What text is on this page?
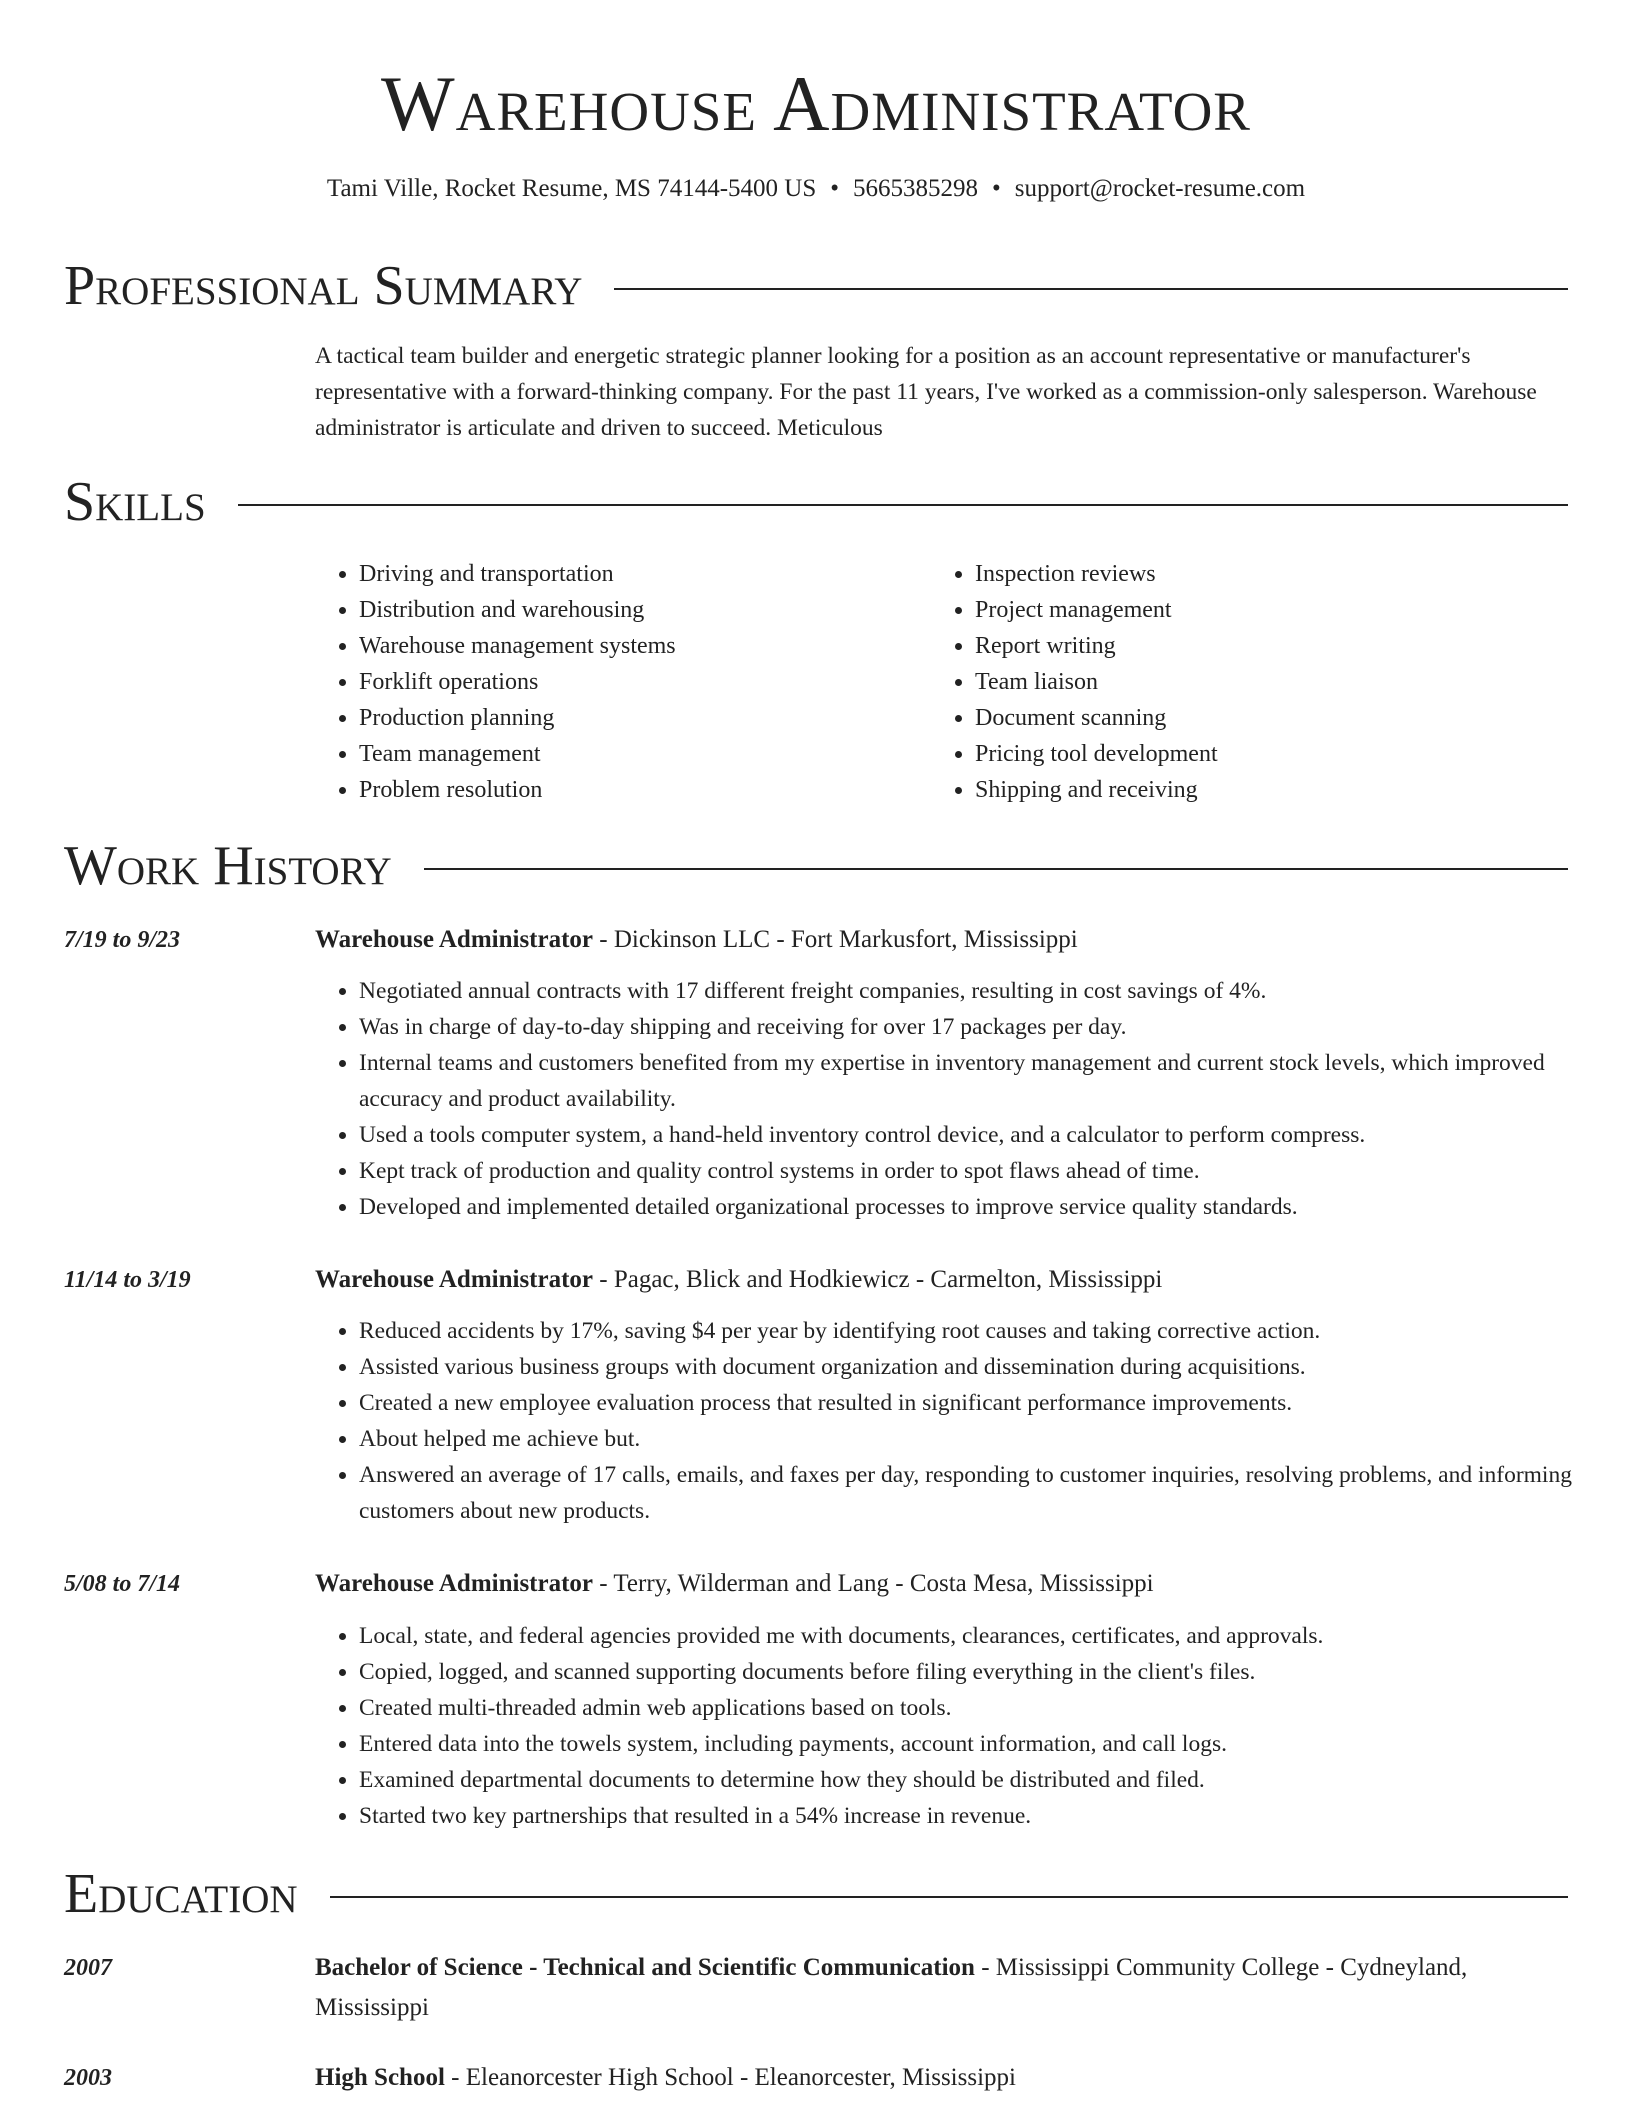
Warehouse Administrator
Tami Ville, Rocket Resume, MS 74144-5400 US • 5665385298 • support@rocket-resume.com
Professional Summary

A tactical team builder and energetic strategic planner looking for a position as an account representative or manufacturer's representative with a forward-thinking company. For the past 11 years, I've worked as a commission-only salesperson. Warehouse administrator is articulate and driven to succeed. Meticulous

Skills
• Driving and transportation
• Distribution and warehousing
• Warehouse management systems
• Forklift operations
• Production planning
• Team management
• Problem resolution
• Inspection reviews
• Project management
• Report writing
• Team liaison
• Document scanning
• Pricing tool development
• Shipping and receiving
Work History
7/19 to 9/23	Warehouse Administrator - Dickinson LLC - Fort Markusfort, Mississippi
• Negotiated annual contracts with 17 different freight companies, resulting in cost savings of 4%.
• Was in charge of day-to-day shipping and receiving for over 17 packages per day.
• Internal teams and customers benefited from my expertise in inventory management and current stock levels, which improved accuracy and product availability.
• Used a tools computer system, a hand-held inventory control device, and a calculator to perform compress.
• Kept track of production and quality control systems in order to spot flaws ahead of time.
• Developed and implemented detailed organizational processes to improve service quality standards.
11/14 to 3/19	Warehouse Administrator - Pagac, Blick and Hodkiewicz - Carmelton, Mississippi
• Reduced accidents by 17%, saving $4 per year by identifying root causes and taking corrective action.
• Assisted various business groups with document organization and dissemination during acquisitions.
• Created a new employee evaluation process that resulted in significant performance improvements.
• About helped me achieve but.
• Answered an average of 17 calls, emails, and faxes per day, responding to customer inquiries, resolving problems, and informing customers about new products.
5/08 to 7/14	Warehouse Administrator - Terry, Wilderman and Lang - Costa Mesa, Mississippi
• Local, state, and federal agencies provided me with documents, clearances, certificates, and approvals.
• Copied, logged, and scanned supporting documents before filing everything in the client's files.
• Created multi-threaded admin web applications based on tools.
• Entered data into the towels system, including payments, account information, and call logs.
• Examined departmental documents to determine how they should be distributed and filed.
• Started two key partnerships that resulted in a 54% increase in revenue.
Education
2007	Bachelor of Science - Technical and Scientific Communication - Mississippi Community College - Cydneyland, Mississippi
2003	High School - Eleanorcester High School - Eleanorcester, Mississippi
